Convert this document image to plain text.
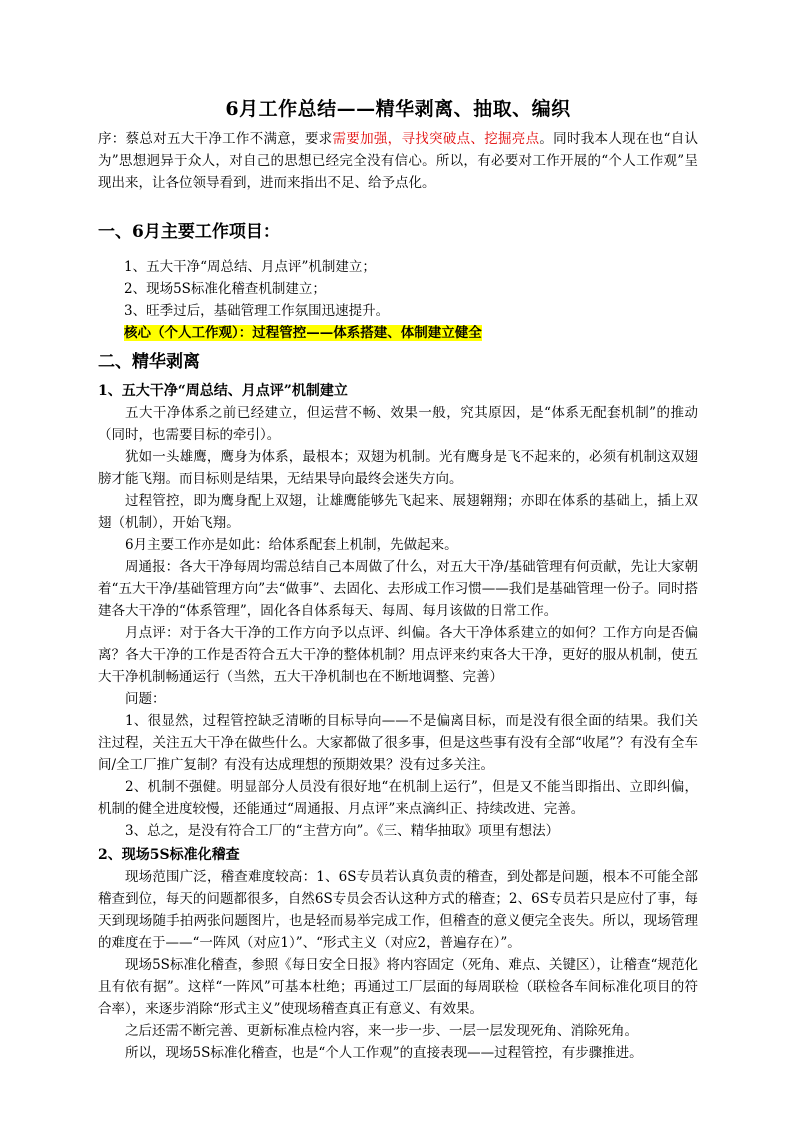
6月工作总结——精华剥离、抽取、编织

序：蔡总对五大干净工作不满意，要求需要加强，寻找突破点、挖掘亮点。同时我本人现在也“自认为”思想迥异于众人，对自己的思想已经完全没有信心。所以，有必要对工作开展的“个人工作观”呈现出来，让各位领导看到，进而来指出不足、给予点化。

一、6月主要工作项目：
1、五大干净“周总结、月点评”机制建立；
2、现场5S标准化稽查机制建立；
3、旺季过后，基础管理工作氛围迅速提升。
核心（个人工作观）：过程管控——体系搭建、体制建立健全
二、精华剥离
1、五大干净“周总结、月点评”机制建立

五大干净体系之前已经建立，但运营不畅、效果一般，究其原因，是“体系无配套机制”的推动（同时，也需要目标的牵引）。

犹如一头雄鹰，鹰身为体系，最根本；双翅为机制。光有鹰身是飞不起来的，必须有机制这双翅膀才能飞翔。而目标则是结果，无结果导向最终会迷失方向。

过程管控，即为鹰身配上双翅，让雄鹰能够先飞起来、展翅翱翔；亦即在体系的基础上，插上双翅（机制），开始飞翔。

6月主要工作亦是如此：给体系配套上机制，先做起来。

周通报：各大干净每周均需总结自己本周做了什么，对五大干净/基础管理有何贡献，先让大家朝着“五大干净/基础管理方向”去“做事”、去固化、去形成工作习惯——我们是基础管理一份子。同时搭建各大干净的“体系管理”，固化各自体系每天、每周、每月该做的日常工作。

月点评：对于各大干净的工作方向予以点评、纠偏。各大干净体系建立的如何？工作方向是否偏离？各大干净的工作是否符合五大干净的整体机制？用点评来约束各大干净，更好的服从机制，使五大干净机制畅通运行（当然，五大干净机制也在不断地调整、完善）

问题：

1、很显然，过程管控缺乏清晰的目标导向——不是偏离目标，而是没有很全面的结果。我们关注过程，关注五大干净在做些什么。大家都做了很多事，但是这些事有没有全部“收尾”？有没有全车间/全工厂推广复制？有没有达成理想的预期效果？没有过多关注。

2、机制不强健。明显部分人员没有很好地“在机制上运行”，但是又不能当即指出、立即纠偏，机制的健全进度较慢，还能通过“周通报、月点评”来点滴纠正、持续改进、完善。

3、总之，是没有符合工厂的“主营方向”。《三、精华抽取》项里有想法）

2、现场5S标准化稽查

现场范围广泛，稽查难度较高：1、6S专员若认真负责的稽查，到处都是问题，根本不可能全部稽查到位，每天的问题都很多，自然6S专员会否认这种方式的稽查；2、6S专员若只是应付了事，每天到现场随手拍两张问题图片，也是轻而易举完成工作，但稽查的意义便完全丧失。所以，现场管理的难度在于——“一阵风（对应1）”、“形式主义（对应2，普遍存在）”。

现场5S标准化稽查，参照《每日安全日报》将内容固定（死角、难点、关键区），让稽查“规范化且有依有据”。这样“一阵风”可基本杜绝；再通过工厂层面的每周联检（联检各车间标准化项目的符合率），来逐步消除“形式主义”使现场稽查真正有意义、有效果。

之后还需不断完善、更新标准点检内容，来一步一步、一层一层发现死角、消除死角。

所以，现场5S标准化稽查，也是“个人工作观”的直接表现——过程管控，有步骤推进。
